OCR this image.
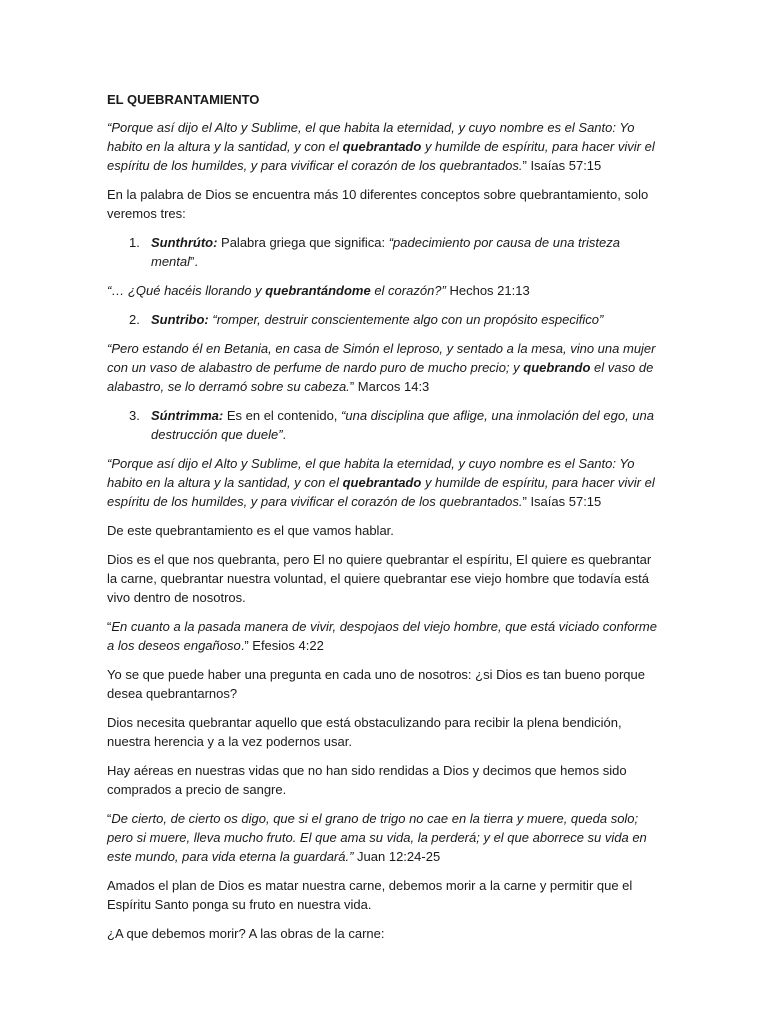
EL QUEBRANTAMIENTO

“Porque así dijo el Alto y Sublime, el que habita la eternidad, y cuyo nombre es el Santo: Yo habito en la altura y la santidad, y con el quebrantado y humilde de espíritu, para hacer vivir el espíritu de los humildes, y para vivificar el corazón de los quebrantados.” Isaías 57:15

En la palabra de Dios se encuentra más 10 diferentes conceptos sobre quebrantamiento, solo veremos tres:

1. Sunthrúto: Palabra griega que significa: “padecimiento por causa de una tristeza mental”.

“… ¿Qué hacéis llorando y quebrantándome el corazón?” Hechos 21:13

2. Suntribo: “romper, destruir conscientemente algo con un propósito especifico”

“Pero estando él en Betania, en casa de Simón el leproso, y sentado a la mesa, vino una mujer con un vaso de alabastro de perfume de nardo puro de mucho precio; y quebrando el vaso de alabastro, se lo derramó sobre su cabeza.” Marcos 14:3

3. Súntrimma: Es en el contenido, “una disciplina que aflige, una inmolación del ego, una destrucción que duele”.

“Porque así dijo el Alto y Sublime, el que habita la eternidad, y cuyo nombre es el Santo: Yo habito en la altura y la santidad, y con el quebrantado y humilde de espíritu, para hacer vivir el espíritu de los humildes, y para vivificar el corazón de los quebrantados.” Isaías 57:15

De este quebrantamiento es el que vamos hablar.

Dios es el que nos quebranta, pero El no quiere quebrantar el espíritu, El quiere es quebrantar la carne, quebrantar nuestra voluntad, el quiere quebrantar ese viejo hombre que todavía está vivo dentro de nosotros.

“En cuanto a la pasada manera de vivir, despojaos del viejo hombre, que está viciado conforme a los deseos engañoso.” Efesios 4:22

Yo se que puede haber una pregunta en cada uno de nosotros: ¿si Dios es tan bueno porque desea quebrantarnos?

Dios necesita quebrantar aquello que está obstaculizando para recibir la plena bendición, nuestra herencia y a la vez podernos usar.

Hay aéreas en nuestras vidas que no han sido rendidas a Dios y decimos que hemos sido comprados a precio de sangre.

“De cierto, de cierto os digo, que si el grano de trigo no cae en la tierra y muere, queda solo; pero si muere, lleva mucho fruto. El que ama su vida, la perderá; y el que aborrece su vida en este mundo, para vida eterna la guardará.” Juan 12:24-25

Amados el plan de Dios es matar nuestra carne, debemos morir a la carne y permitir que el Espíritu Santo ponga su fruto en nuestra vida.

¿A que debemos morir? A las obras de la carne:
